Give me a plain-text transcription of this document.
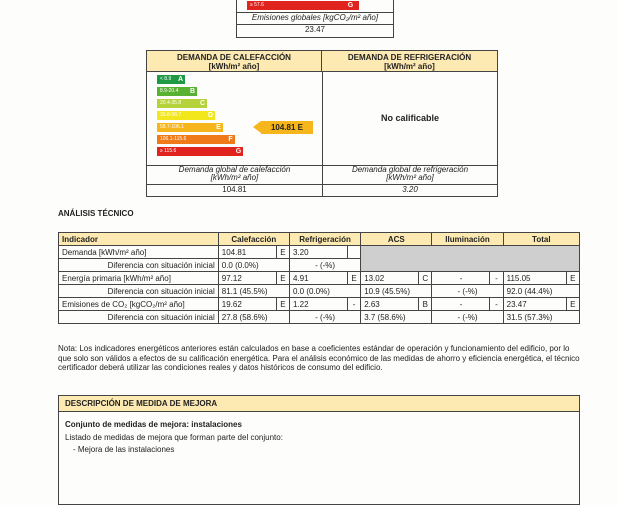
≥ 57.6	G
Emisiones globales [kgCO₂/m² año]
23.47
DEMANDA DE CALEFACCIÓN
[kWh/m² año]
DEMANDA DE REFRIGERACIÓN
[kWh/m² año]
< 8.9 A
8.9-20.4 B
20.4-35.8	C
35.8-58.7	D
58.7-106.1	E
106.1-115.6	F
≥ 115.6	G
104.81 E
No calificable
Demanda global de calefacción
[kWh/m² año]
Demanda global de refrigeración
[kWh/m² año]
104.81	3.20
ANÁLISIS TÉCNICO
Indicador	Calefacción		Refrigeración		ACS		Iluminación		Total	
Demanda [kWh/m² año]	104.81	E	3.20							
Diferencia con situación inicial	0.0 (0.0%)		- (-%)							
Energía primaria [kWh/m² año]	97.12	E	4.91	E	13.02	C	-	-	115.05	E
Diferencia con situación inicial	81.1 (45.5%)		0.0 (0.0%)		10.9 (45.5%)		- (-%)		92.0 (44.4%)	
Emisiones de CO₂ [kgCO₂/m² año]	19.62	E	1.22	-	2.63	B	-	-	23.47	E
Diferencia con situación inicial	27.8 (58.6%)		- (-%)		3.7 (58.6%)		- (-%)		31.5 (57.3%)	
Nota: Los indicadores energéticos anteriores están calculados en base a coeficientes estándar de operación y funcionamiento del edificio, por lo que solo son válidos a efectos de su calificación energética. Para el análisis económico de las medidas de ahorro y eficiencia energética, el técnico certificador deberá utilizar las condiciones reales y datos históricos de consumo del edificio.
DESCRIPCIÓN DE MEDIDA DE MEJORA
Conjunto de medidas de mejora: instalaciones
Listado de medidas de mejora que forman parte del conjunto:
- Mejora de las instalaciones
